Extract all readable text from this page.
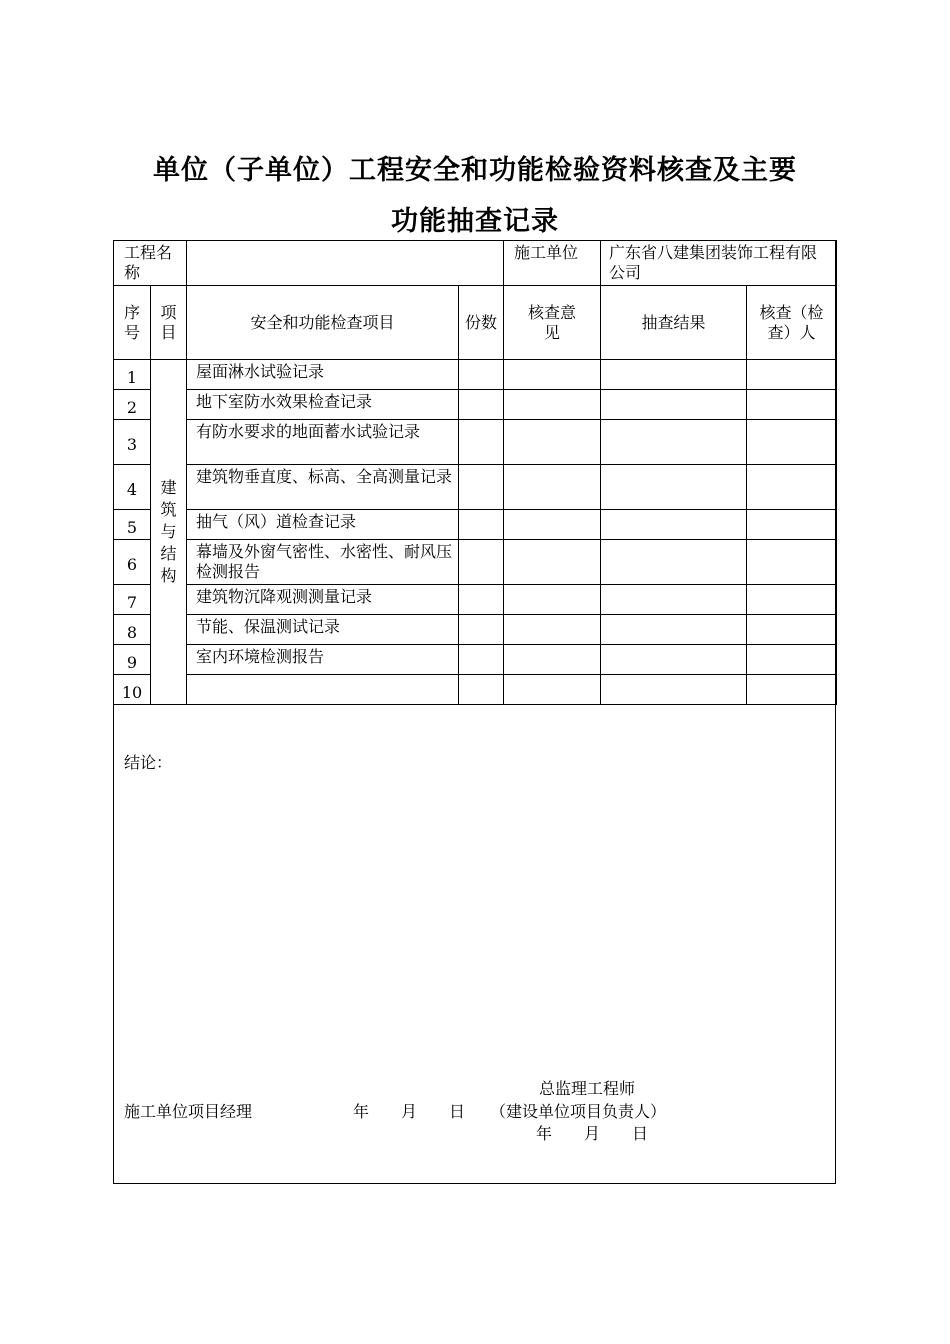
单位（子单位）工程安全和功能检验资料核查及主要
功能抽查记录
工程名称				施工单位	广东省八建集团装饰工程有限公司	
序号	项目	安全和功能检查项目	份数	核查意见	抽查结果	核查（检查）人
1	建筑与结构	屋面淋水试验记录				
2		地下室防水效果检查记录				
3		有防水要求的地面蓄水试验记录				
4		建筑物垂直度、标高、全高测量记录				
5		抽气（风）道检查记录				
6		幕墙及外窗气密性、水密性、耐风压检测报告				
7		建筑物沉降观测测量记录				
8		节能、保温测试记录				
9		室内环境检测报告				
10						
结论：
总监理工程师
施工单位项目经理	年　　月　　日 （建设单位项目负责人）
年　　月　　日
